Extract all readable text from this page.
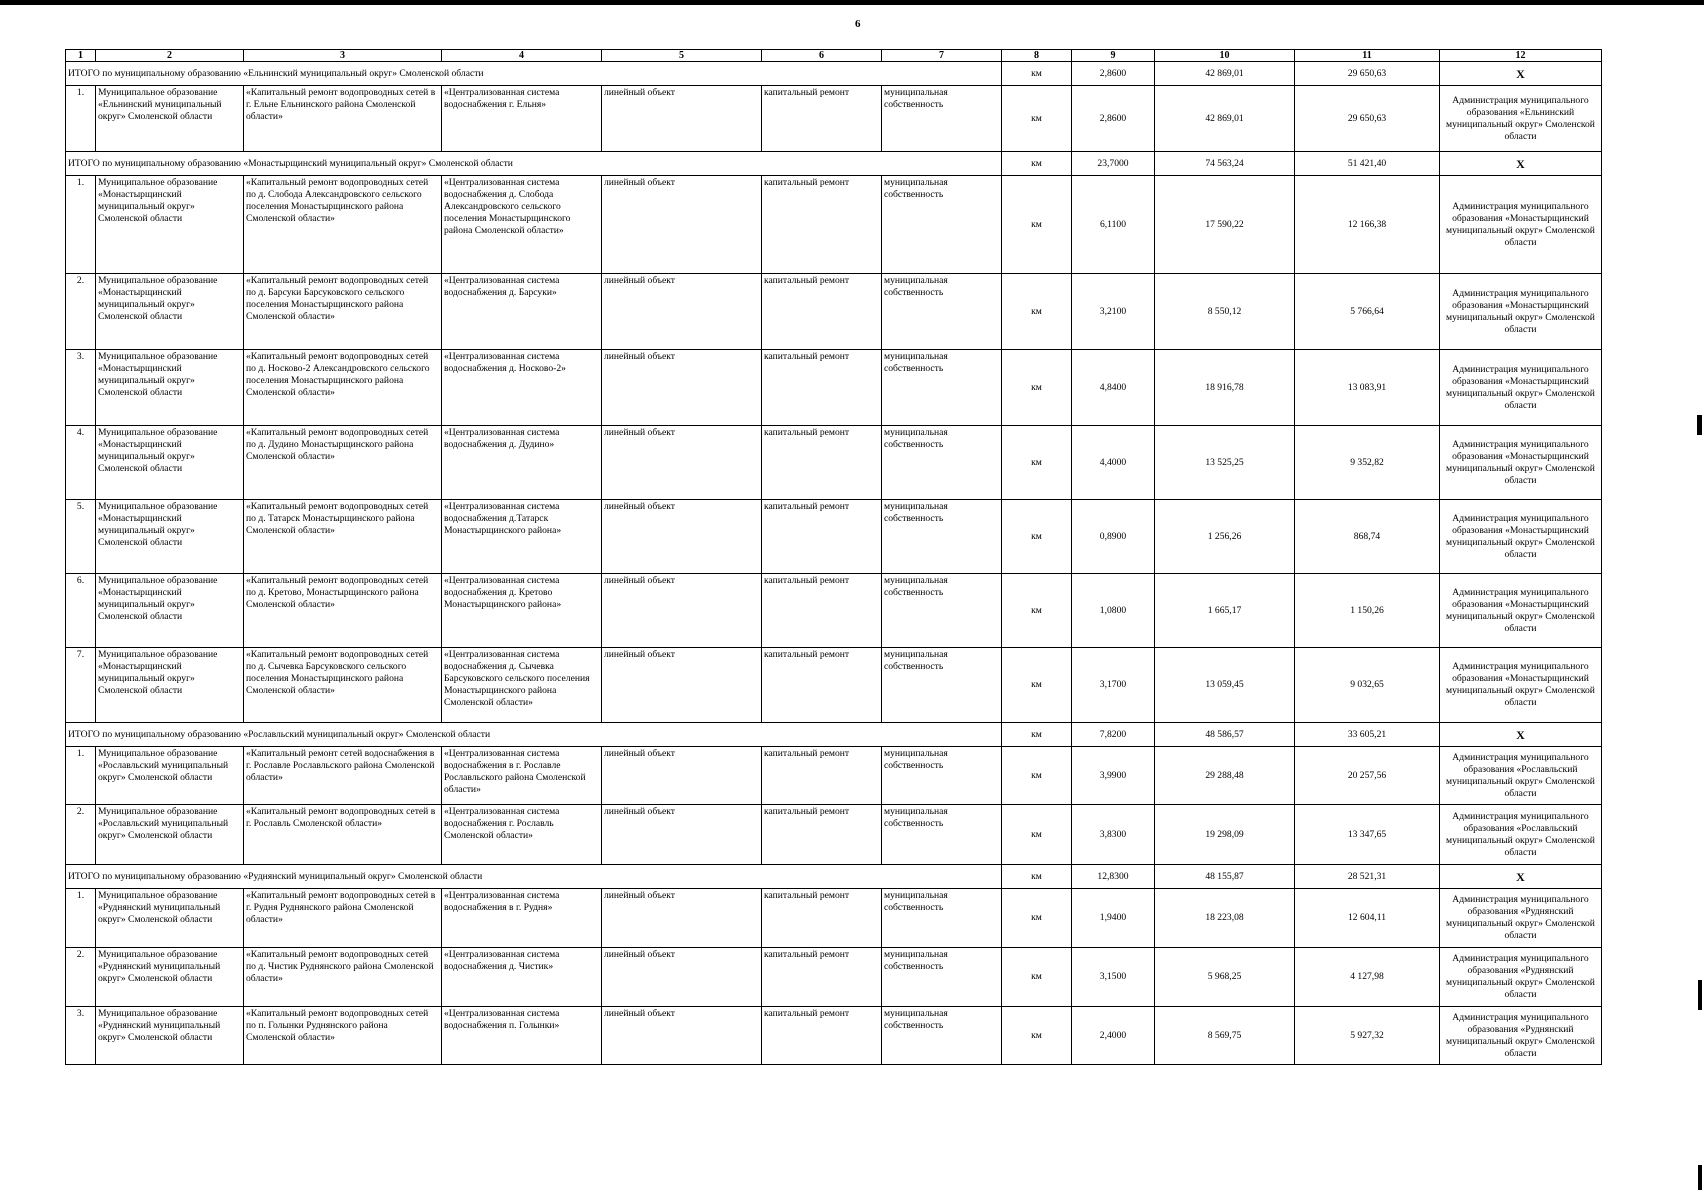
6
1	2	3	4	5	6	7	8	9	10	11	12
ИТОГО по муниципальному образованию «Ельнинский муниципальный округ» Смоленской области							км	2,8600	42 869,01	29 650,63	X
1.	Муниципальное образование «Ельнинский муниципальный округ» Смоленской области	«Капитальный ремонт водопроводных сетей в г. Ельне Ельнинского района Смоленской области»	«Централизованная система водоснабжения г. Ельня»	линейный объект	капитальный ремонт	муниципальная собственность	км	2,8600	42 869,01	29 650,63	Администрация муниципального образования «Ельнинский муниципальный округ» Смоленской области
ИТОГО по муниципальному образованию «Монастырщинский муниципальный округ» Смоленской области							км	23,7000	74 563,24	51 421,40	X
1.	Муниципальное образование «Монастырщинский муниципальный округ» Смоленской области	«Капитальный ремонт водопроводных сетей по д. Слобода Александровского сельского поселения Монастырщинского района Смоленской области»	«Централизованная система водоснабжения д. Слобода Александровского сельского поселения Монастырщинского района Смоленской области»	линейный объект	капитальный ремонт	муниципальная собственность	км	6,1100	17 590,22	12 166,38	Администрация муниципального образования «Монастырщинский муниципальный округ» Смоленской области
2.	Муниципальное образование «Монастырщинский муниципальный округ» Смоленской области	«Капитальный ремонт водопроводных сетей по д. Барсуки Барсуковского сельского поселения Монастырщинского района Смоленской области»	«Централизованная система водоснабжения д. Барсуки»	линейный объект	капитальный ремонт	муниципальная собственность	км	3,2100	8 550,12	5 766,64	Администрация муниципального образования «Монастырщинский муниципальный округ» Смоленской области
3.	Муниципальное образование «Монастырщинский муниципальный округ» Смоленской области	«Капитальный ремонт водопроводных сетей по д. Носково-2 Александровского сельского поселения Монастырщинского района Смоленской области»	«Централизованная система водоснабжения д. Носково-2»	линейный объект	капитальный ремонт	муниципальная собственность	км	4,8400	18 916,78	13 083,91	Администрация муниципального образования «Монастырщинский муниципальный округ» Смоленской области
4.	Муниципальное образование «Монастырщинский муниципальный округ» Смоленской области	«Капитальный ремонт водопроводных сетей по д. Дудино Монастырщинского района Смоленской области»	«Централизованная система водоснабжения д. Дудино»	линейный объект	капитальный ремонт	муниципальная собственность	км	4,4000	13 525,25	9 352,82	Администрация муниципального образования «Монастырщинский муниципальный округ» Смоленской области
5.	Муниципальное образование «Монастырщинский муниципальный округ» Смоленской области	«Капитальный ремонт водопроводных сетей по д. Татарск Монастырщинского района Смоленской области»	«Централизованная система водоснабжения д.Татарск Монастырщинского района»	линейный объект	капитальный ремонт	муниципальная собственность	км	0,8900	1 256,26	868,74	Администрация муниципального образования «Монастырщинский муниципальный округ» Смоленской области
6.	Муниципальное образование «Монастырщинский муниципальный округ» Смоленской области	«Капитальный ремонт водопроводных сетей по д. Кретово, Монастырщинского района Смоленской области»	«Централизованная система водоснабжения д. Кретово Монастырщинского района»	линейный объект	капитальный ремонт	муниципальная собственность	км	1,0800	1 665,17	1 150,26	Администрация муниципального образования «Монастырщинский муниципальный округ» Смоленской области
7.	Муниципальное образование «Монастырщинский муниципальный округ» Смоленской области	«Капитальный ремонт водопроводных сетей по д. Сычевка Барсуковского сельского поселения Монастырщинского района Смоленской области»	«Централизованная система водоснабжения д. Сычевка Барсуковского сельского поселения Монастырщинского района Смоленской области»	линейный объект	капитальный ремонт	муниципальная собственность	км	3,1700	13 059,45	9 032,65	Администрация муниципального образования «Монастырщинский муниципальный округ» Смоленской области
ИТОГО по муниципальному образованию «Рославльский муниципальный округ» Смоленской области							км	7,8200	48 586,57	33 605,21	X
1.	Муниципальное образование «Рославльский муниципальный округ» Смоленской области	«Капитальный ремонт сетей водоснабжения в г. Рославле Рославльского района Смоленской области»	«Централизованная система водоснабжения в г. Рославле Рославльского района Смоленской области»	линейный объект	капитальный ремонт	муниципальная собственность	км	3,9900	29 288,48	20 257,56	Администрация муниципального образования «Рославльский муниципальный округ» Смоленской области
2.	Муниципальное образование «Рославльский муниципальный округ» Смоленской области	«Капитальный ремонт водопроводных сетей в г. Рославль Смоленской области»	«Централизованная система водоснабжения г. Рославль Смоленской области»	линейный объект	капитальный ремонт	муниципальная собственность	км	3,8300	19 298,09	13 347,65	Администрация муниципального образования «Рославльский муниципальный округ» Смоленской области
ИТОГО по муниципальному образованию «Руднянский муниципальный округ» Смоленской области							км	12,8300	48 155,87	28 521,31	X
1.	Муниципальное образование «Руднянский муниципальный округ» Смоленской области	«Капитальный ремонт водопроводных сетей в г. Рудня Руднянского района Смоленской области»	«Централизованная система водоснабжения в г. Рудня»	линейный объект	капитальный ремонт	муниципальная собственность	км	1,9400	18 223,08	12 604,11	Администрация муниципального образования «Руднянский муниципальный округ» Смоленской области
2.	Муниципальное образование «Руднянский муниципальный округ» Смоленской области	«Капитальный ремонт водопроводных сетей по д. Чистик Руднянского района Смоленской области»	«Централизованная система водоснабжения д. Чистик»	линейный объект	капитальный ремонт	муниципальная собственность	км	3,1500	5 968,25	4 127,98	Администрация муниципального образования «Руднянский муниципальный округ» Смоленской области
3.	Муниципальное образование «Руднянский муниципальный округ» Смоленской области	«Капитальный ремонт водопроводных сетей по п. Голынки Руднянского района Смоленской области»	«Централизованная система водоснабжения п. Голынки»	линейный объект	капитальный ремонт	муниципальная собственность	км	2,4000	8 569,75	5 927,32	Администрация муниципального образования «Руднянский муниципальный округ» Смоленской области
